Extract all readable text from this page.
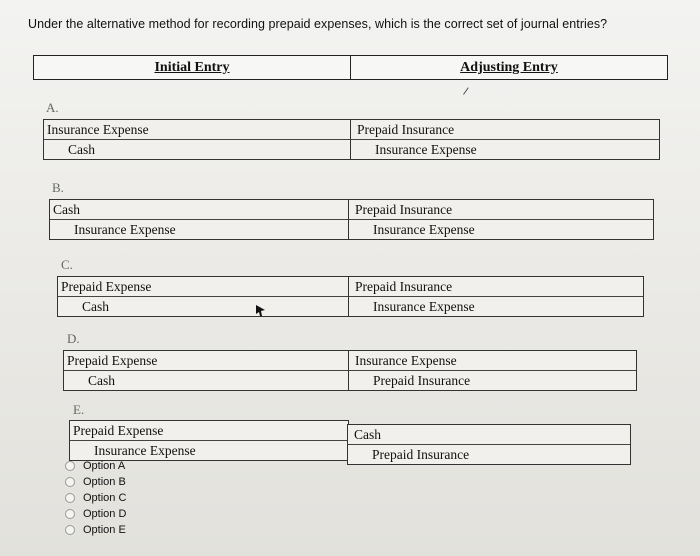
Under the alternative method for recording prepaid expenses, which is the correct set of journal entries?
Initial Entry	Adjusting Entry
/
A.
Insurance Expense
Cash
Prepaid Insurance
Insurance Expense
B.
Cash
Insurance Expense
Prepaid Insurance
Insurance Expense
C.
Prepaid Expense
Cash
Prepaid Insurance
Insurance Expense
D.
Prepaid Expense
Cash
Insurance Expense
Prepaid Insurance
E.
Prepaid Expense
Insurance Expense
Cash
Prepaid Insurance
Option A
Option B
Option C
Option D
Option E
